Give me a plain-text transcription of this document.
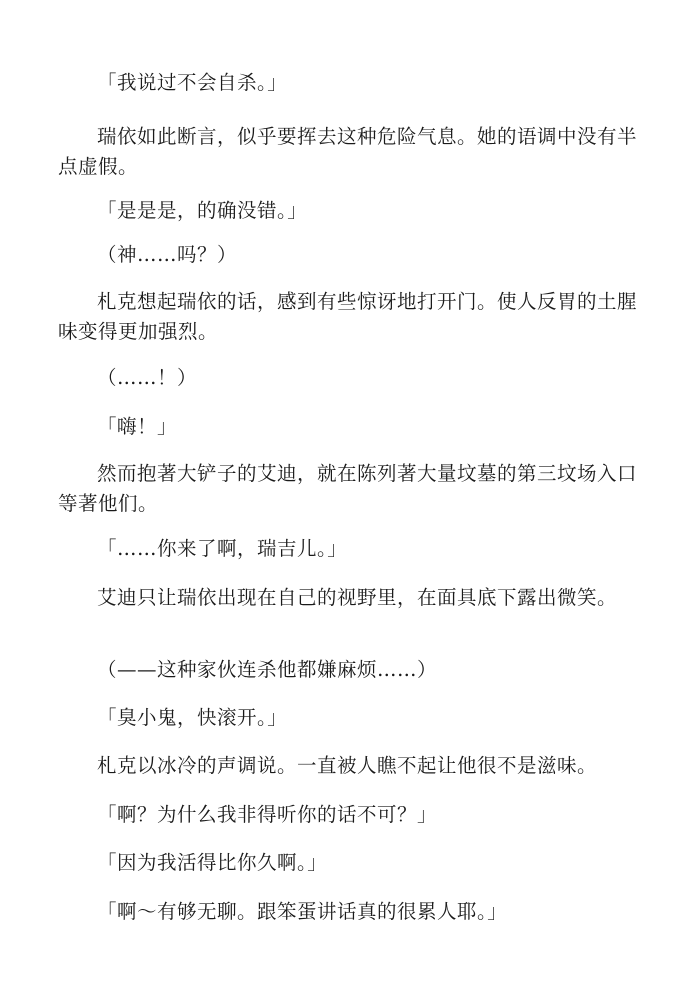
「我说过不会自杀。」

瑞依如此断言，似乎要挥去这种危险气息。她的语调中没有半点虚假。

「是是是，的确没错。」

（神……吗？）

札克想起瑞依的话，感到有些惊讶地打开门。使人反胃的土腥味变得更加强烈。

（……！）

「嗨！」

然而抱著大铲子的艾迪，就在陈列著大量坟墓的第三坟场入口等著他们。

「……你来了啊，瑞吉儿。」

艾迪只让瑞依出现在自己的视野里，在面具底下露出微笑。

（——这种家伙连杀他都嫌麻烦……）

「臭小鬼，快滚开。」

札克以冰冷的声调说。一直被人瞧不起让他很不是滋味。

「啊？为什么我非得听你的话不可？」

「因为我活得比你久啊。」

「啊～有够无聊。跟笨蛋讲话真的很累人耶。」
